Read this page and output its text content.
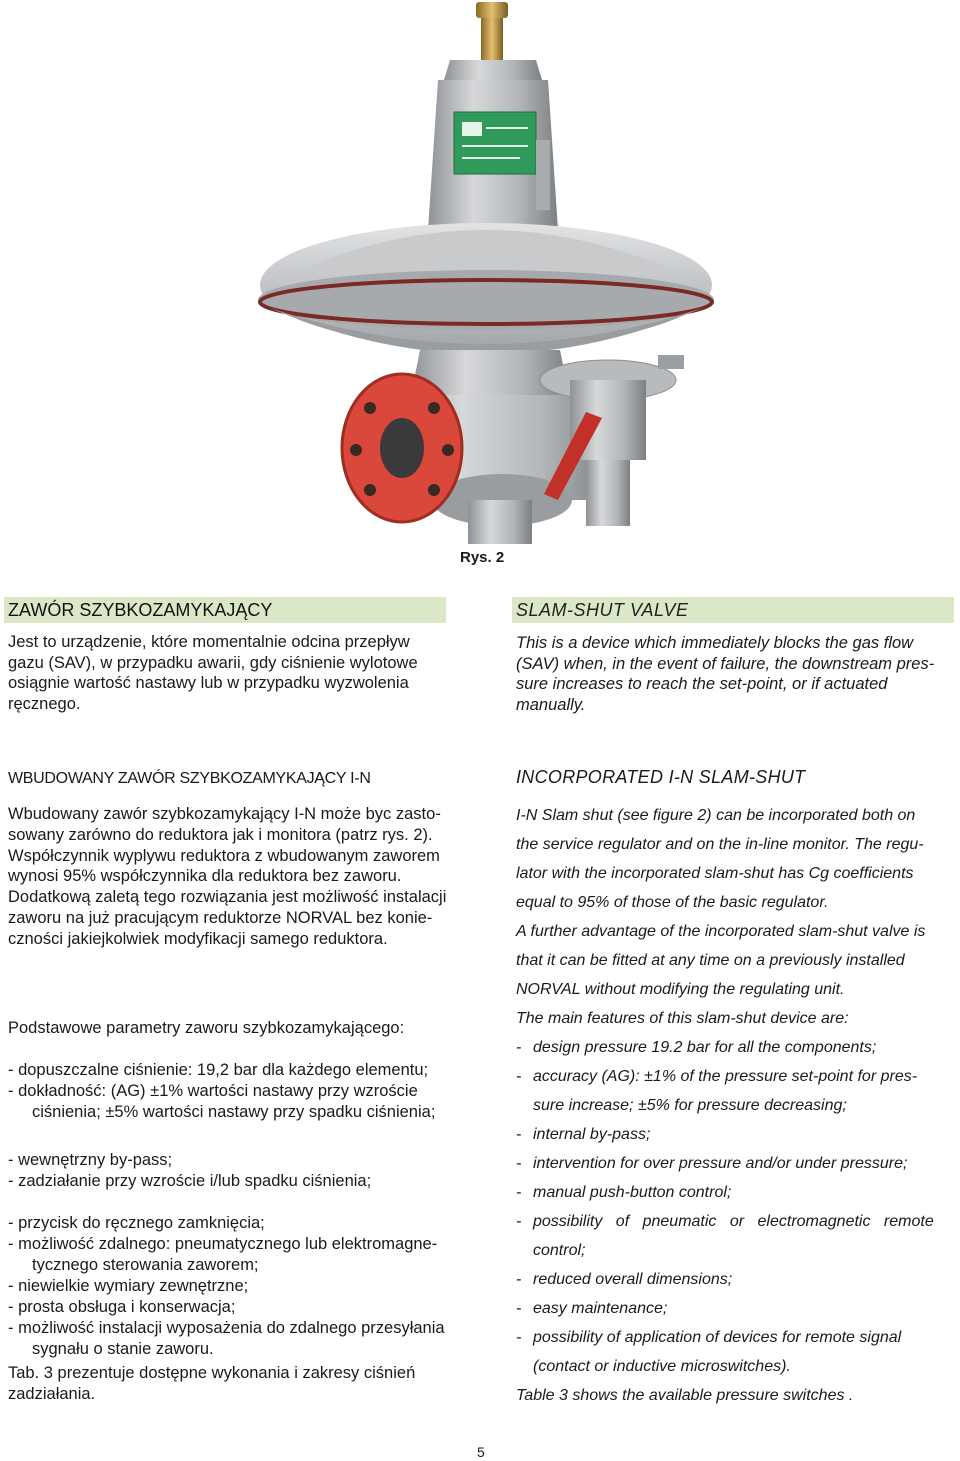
Rys. 2
ZAWÓR SZYBKOZAMYKAJĄCY
Jest to urządzenie, które momentalnie odcina przepływ
gazu (SAV), w przypadku awarii, gdy ciśnienie wylotowe
osiągnie wartość nastawy lub w przypadku wyzwolenia
ręcznego.
SLAM-SHUT VALVE
This is a device which immediately blocks the gas flow
(SAV) when, in the event of failure, the downstream pres-
sure increases to reach the set-point, or if actuated
manually.
WBUDOWANY ZAWÓR SZYBKOZAMYKAJĄCY I-N
Wbudowany zawór szybkozamykający I-N może byc zasto-
sowany zarówno do reduktora jak i monitora (patrz rys. 2).
Współczynnik wyplywu reduktora z wbudowanym zaworem
wynosi 95% współczynnika dla reduktora bez zaworu.
Dodatkową zaletą tego rozwiązania jest możliwość instalacji
zaworu na już pracującym reduktorze NORVAL bez konie-
czności jakiejkolwiek modyfikacji samego reduktora.
Podstawowe parametry zaworu szybkozamykającego:
- dopuszczalne ciśnienie: 19,2 bar dla każdego elementu;
- dokładność: (AG) ±1% wartości nastawy przy wzroście
ciśnienia; ±5% wartości nastawy przy spadku ciśnienia;
- wewnętrzny by-pass;
- zadziałanie przy wzroście i/lub spadku ciśnienia;
- przycisk do ręcznego zamknięcia;
- możliwość zdalnego: pneumatycznego lub elektromagne-
tycznego sterowania zaworem;
- niewielkie wymiary zewnętrzne;
- prosta obsługa i konserwacja;
- możliwość instalacji wyposażenia do zdalnego przesyłania
sygnału o stanie zaworu.
Tab. 3 prezentuje dostępne wykonania i zakresy ciśnień
zadziałania.
INCORPORATED I-N SLAM-SHUT
I-N Slam shut (see figure 2) can be incorporated both on
the service regulator and on the in-line monitor. The regu-
lator with the incorporated slam-shut has Cg coefficients
equal to 95% of those of the basic regulator.
A further advantage of the incorporated slam-shut valve is
that it can be fitted at any time on a previously installed
NORVAL without modifying the regulating unit.
The main features of this slam-shut device are:
- design pressure 19.2 bar for all the components;
- accuracy (AG): ±1% of the pressure set-point for pres-
sure increase; ±5% for pressure decreasing;
- internal by-pass;
- intervention for over pressure and/or under pressure;
- manual push-button control;
- possibility of pneumatic or electromagnetic remote
control;
- reduced overall dimensions;
- easy maintenance;
- possibility of application of devices for remote signal
(contact or inductive microswitches).
Table 3 shows the available pressure switches .
5
